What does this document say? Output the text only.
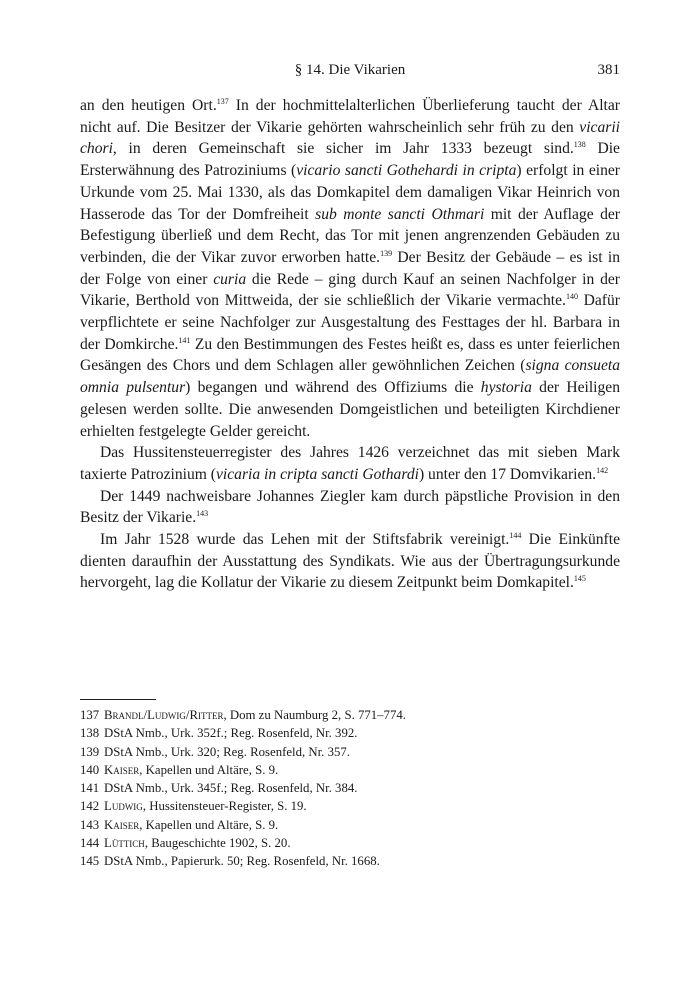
§ 14. Die Vikarien	381

an den heutigen Ort.$^{137}$ In der hochmittelalterlichen Überlieferung taucht der Altar nicht auf. Die Besitzer der Vikarie gehörten wahrscheinlich sehr früh zu den vicarii chori, in deren Gemeinschaft sie sicher im Jahr 1333 bezeugt sind.$^{138}$ Die Ersterwähnung des Patroziniums (vicario sancti Gothehardi in cripta) erfolgt in einer Urkunde vom 25. Mai 1330, als das Domkapitel dem damaligen Vikar Heinrich von Hasserode das Tor der Domfreiheit sub monte sancti Othmari mit der Auflage der Befestigung überließ und dem Recht, das Tor mit jenen angrenzenden Gebäuden zu verbinden, die der Vikar zuvor erworben hatte.$^{139}$ Der Besitz der Gebäude – es ist in der Folge von einer curia die Rede – ging durch Kauf an seinen Nachfolger in der Vikarie, Berthold von Mittweida, der sie schließlich der Vikarie vermachte.$^{140}$ Dafür verpflichtete er seine Nachfolger zur Ausgestaltung des Festtages der hl. Barbara in der Domkirche.$^{141}$ Zu den Bestimmungen des Festes heißt es, dass es unter feierlichen Gesängen des Chors und dem Schlagen aller gewöhnlichen Zeichen (signa consueta omnia pulsentur) begangen und während des Offiziums die hystoria der Heiligen gelesen werden sollte. Die anwesenden Domgeistlichen und beteiligten Kirchdiener erhielten festgelegte Gelder gereicht.

Das Hussitensteuerregister des Jahres 1426 verzeichnet das mit sieben Mark taxierte Patrozinium (vicaria in cripta sancti Gothardi) unter den 17 Domvikarien.$^{142}$

Der 1449 nachweisbare Johannes Ziegler kam durch päpstliche Provision in den Besitz der Vikarie.$^{143}$

Im Jahr 1528 wurde das Lehen mit der Stiftsfabrik vereinigt.$^{144}$ Die Einkünfte dienten daraufhin der Ausstattung des Syndikats. Wie aus der Übertragungsurkunde hervorgeht, lag die Kollatur der Vikarie zu diesem Zeitpunkt beim Domkapitel.$^{145}$

137 Brandl/Ludwig/Ritter, Dom zu Naumburg 2, S. 771–774.
138 DStA Nmb., Urk. 352f.; Reg. Rosenfeld, Nr. 392.
139 DStA Nmb., Urk. 320; Reg. Rosenfeld, Nr. 357.
140 Kaiser, Kapellen und Altäre, S. 9.
141 DStA Nmb., Urk. 345f.; Reg. Rosenfeld, Nr. 384.
142 Ludwig, Hussitensteuer-Register, S. 19.
143 Kaiser, Kapellen und Altäre, S. 9.
144 Lüttich, Baugeschichte 1902, S. 20.
145 DStA Nmb., Papierurk. 50; Reg. Rosenfeld, Nr. 1668.
